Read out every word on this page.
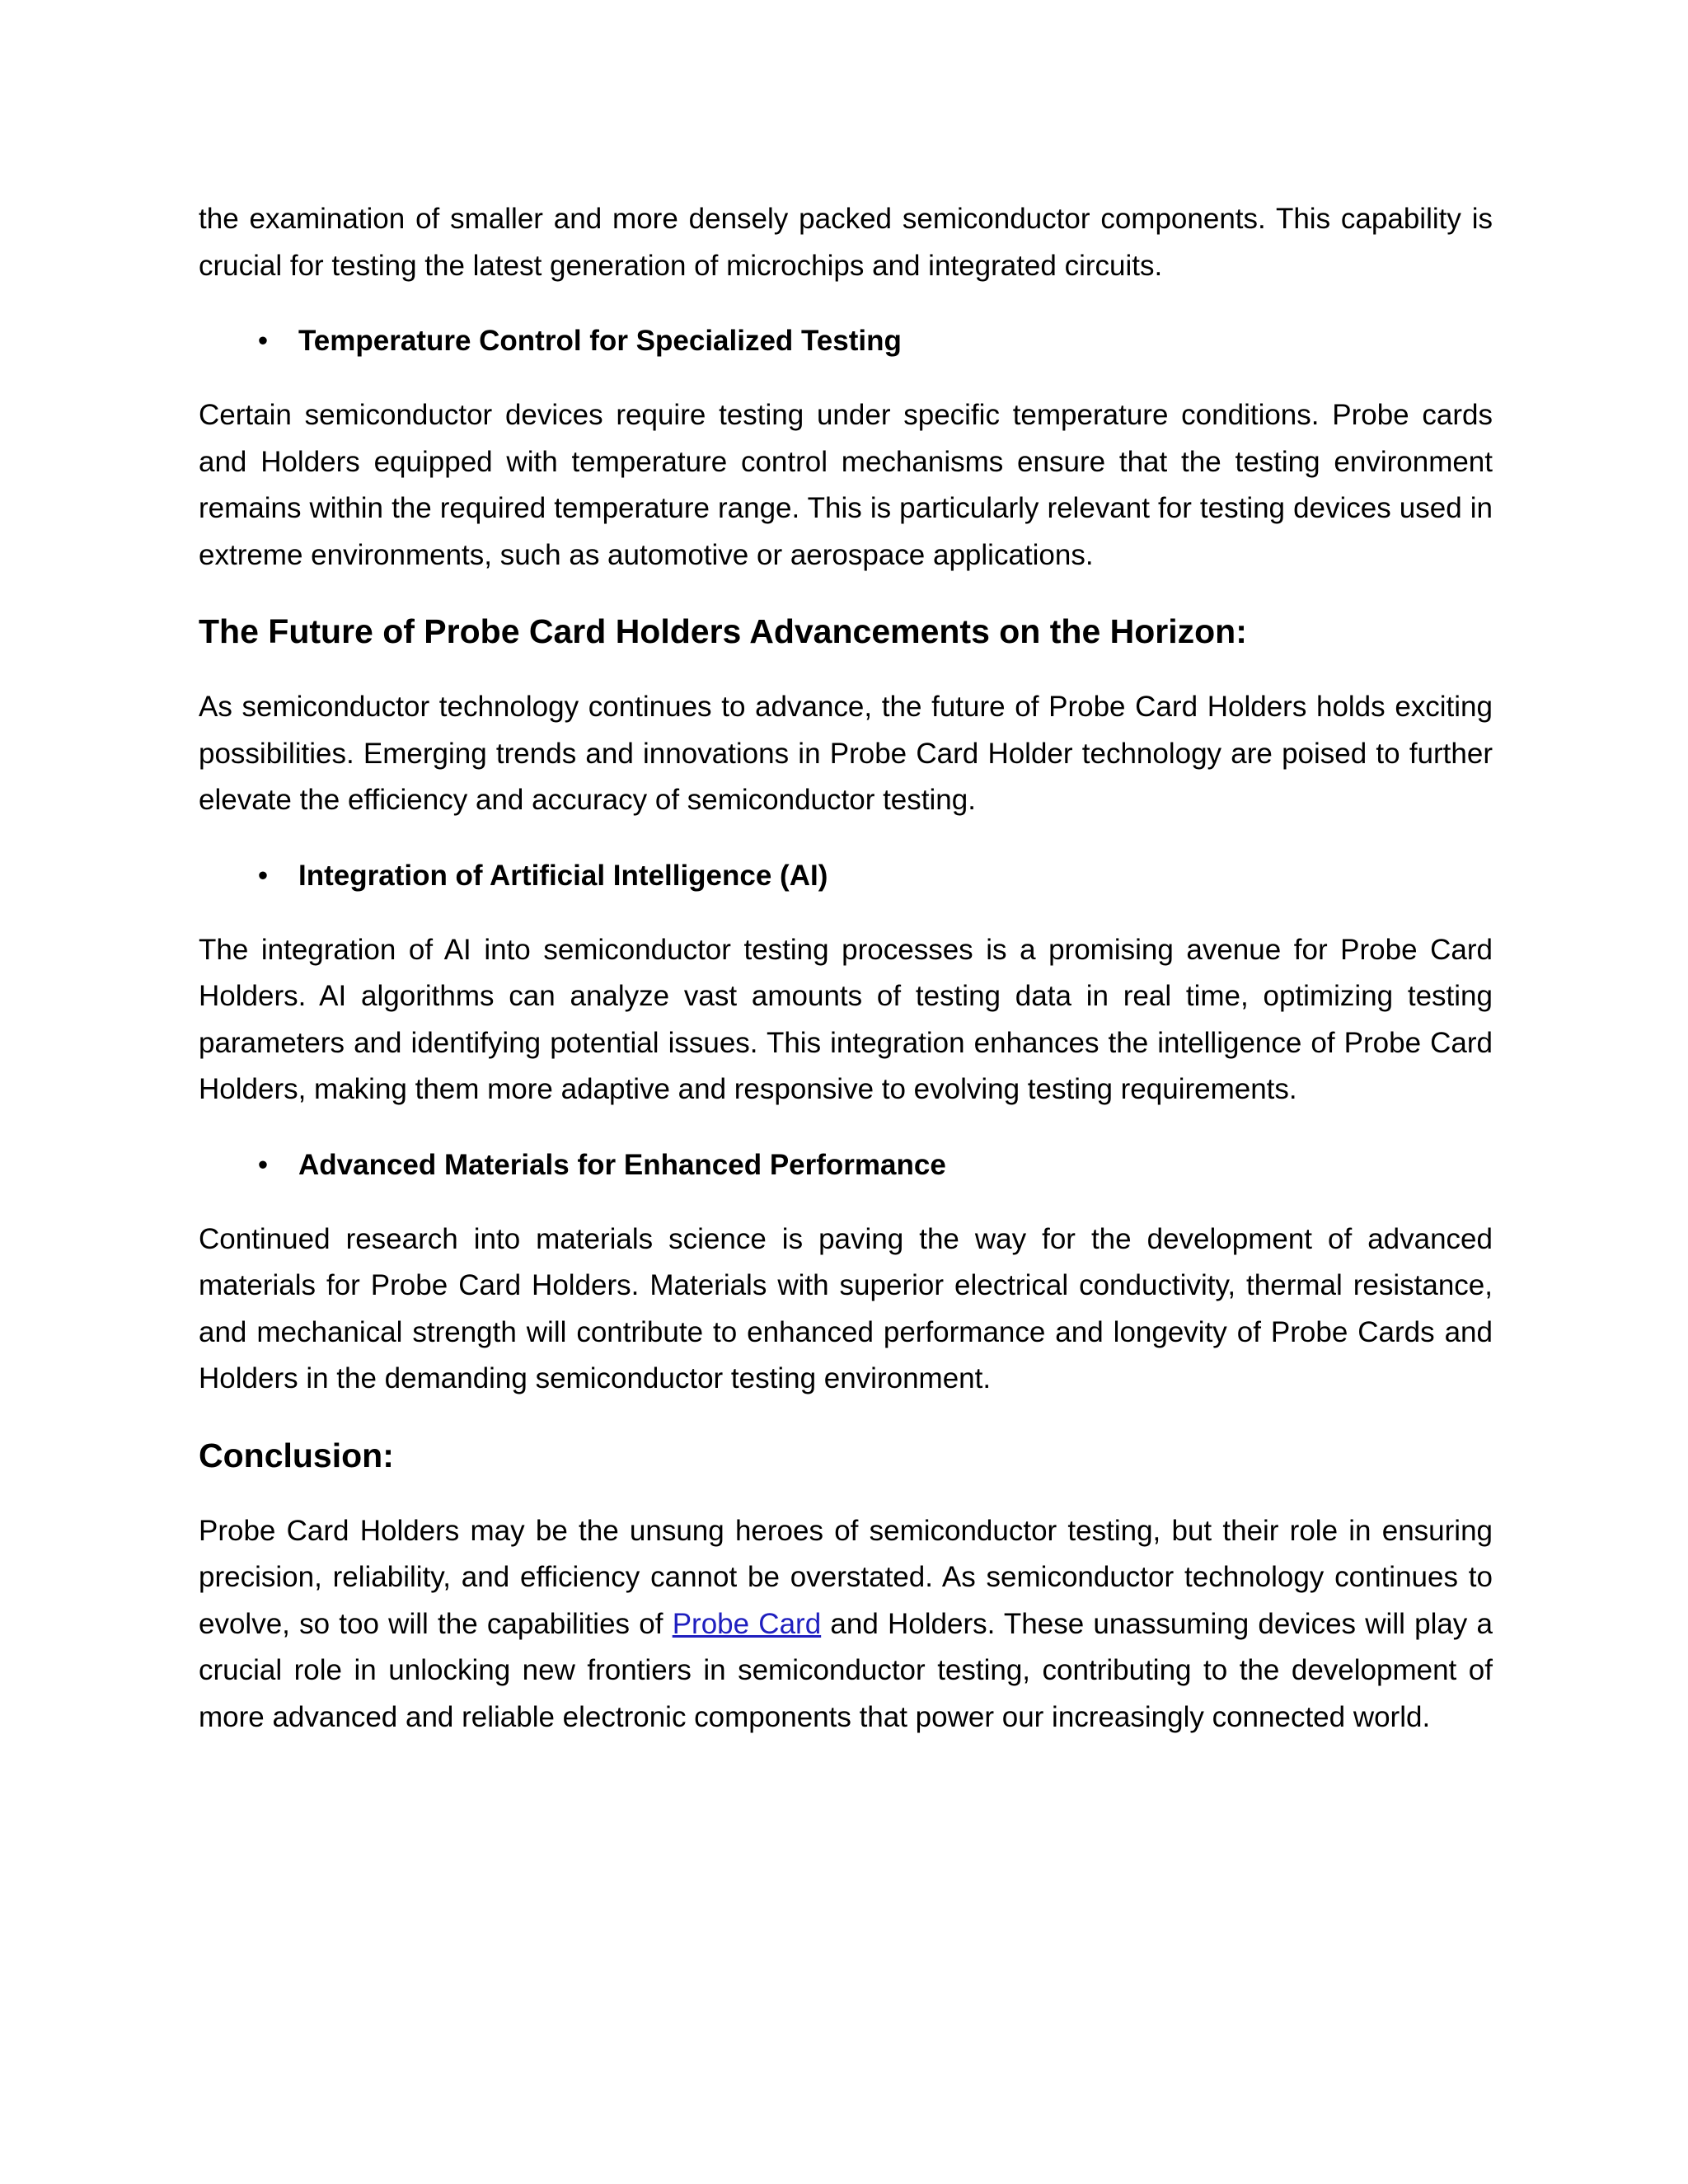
the examination of smaller and more densely packed semiconductor components. This capability is crucial for testing the latest generation of microchips and integrated circuits.

• Temperature Control for Specialized Testing

Certain semiconductor devices require testing under specific temperature conditions. Probe cards and Holders equipped with temperature control mechanisms ensure that the testing environment remains within the required temperature range. This is particularly relevant for testing devices used in extreme environments, such as automotive or aerospace applications.

The Future of Probe Card Holders Advancements on the Horizon:

As semiconductor technology continues to advance, the future of Probe Card Holders holds exciting possibilities. Emerging trends and innovations in Probe Card Holder technology are poised to further elevate the efficiency and accuracy of semiconductor testing.

• Integration of Artificial Intelligence (AI)

The integration of AI into semiconductor testing processes is a promising avenue for Probe Card Holders. AI algorithms can analyze vast amounts of testing data in real time, optimizing testing parameters and identifying potential issues. This integration enhances the intelligence of Probe Card Holders, making them more adaptive and responsive to evolving testing requirements.

• Advanced Materials for Enhanced Performance

Continued research into materials science is paving the way for the development of advanced materials for Probe Card Holders. Materials with superior electrical conductivity, thermal resistance, and mechanical strength will contribute to enhanced performance and longevity of Probe Cards and Holders in the demanding semiconductor testing environment.

Conclusion:

Probe Card Holders may be the unsung heroes of semiconductor testing, but their role in ensuring precision, reliability, and efficiency cannot be overstated. As semiconductor technology continues to evolve, so too will the capabilities of Probe Card and Holders. These unassuming devices will play a crucial role in unlocking new frontiers in semiconductor testing, contributing to the development of more advanced and reliable electronic components that power our increasingly connected world.
